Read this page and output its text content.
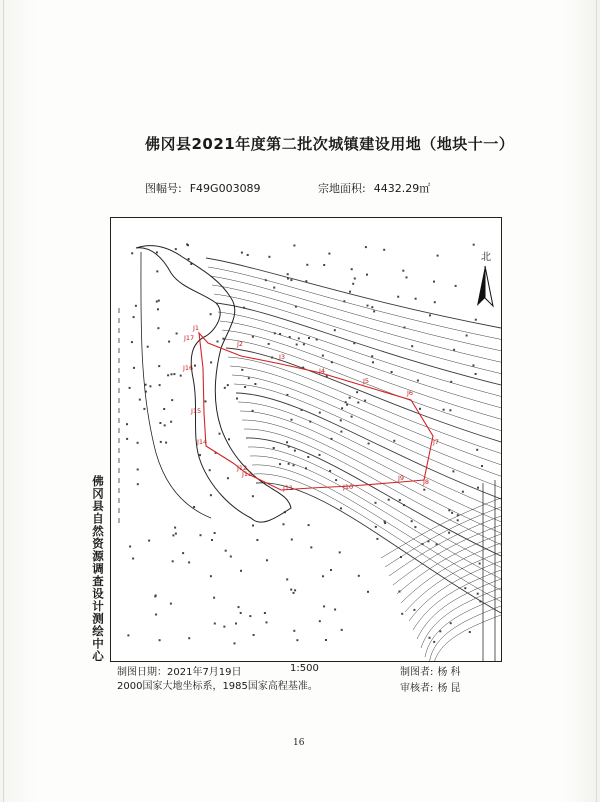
佛冈县2021年度第二批次城镇建设用地（地块十一）
图幅号: F49G003089	宗地面积: 4432.29㎡
佛冈县自然资源调查设计测绘中心
J1
J17
J2
J3
J4
J5
J6
J7
J8
J9
J10
J11
J12
J13
J14
J15
J16
北
制图日期：2021年7月19日	1:500
2000国家大地坐标系，1985国家高程基准。
制图者: 杨 科
审核者: 杨 昆
16
